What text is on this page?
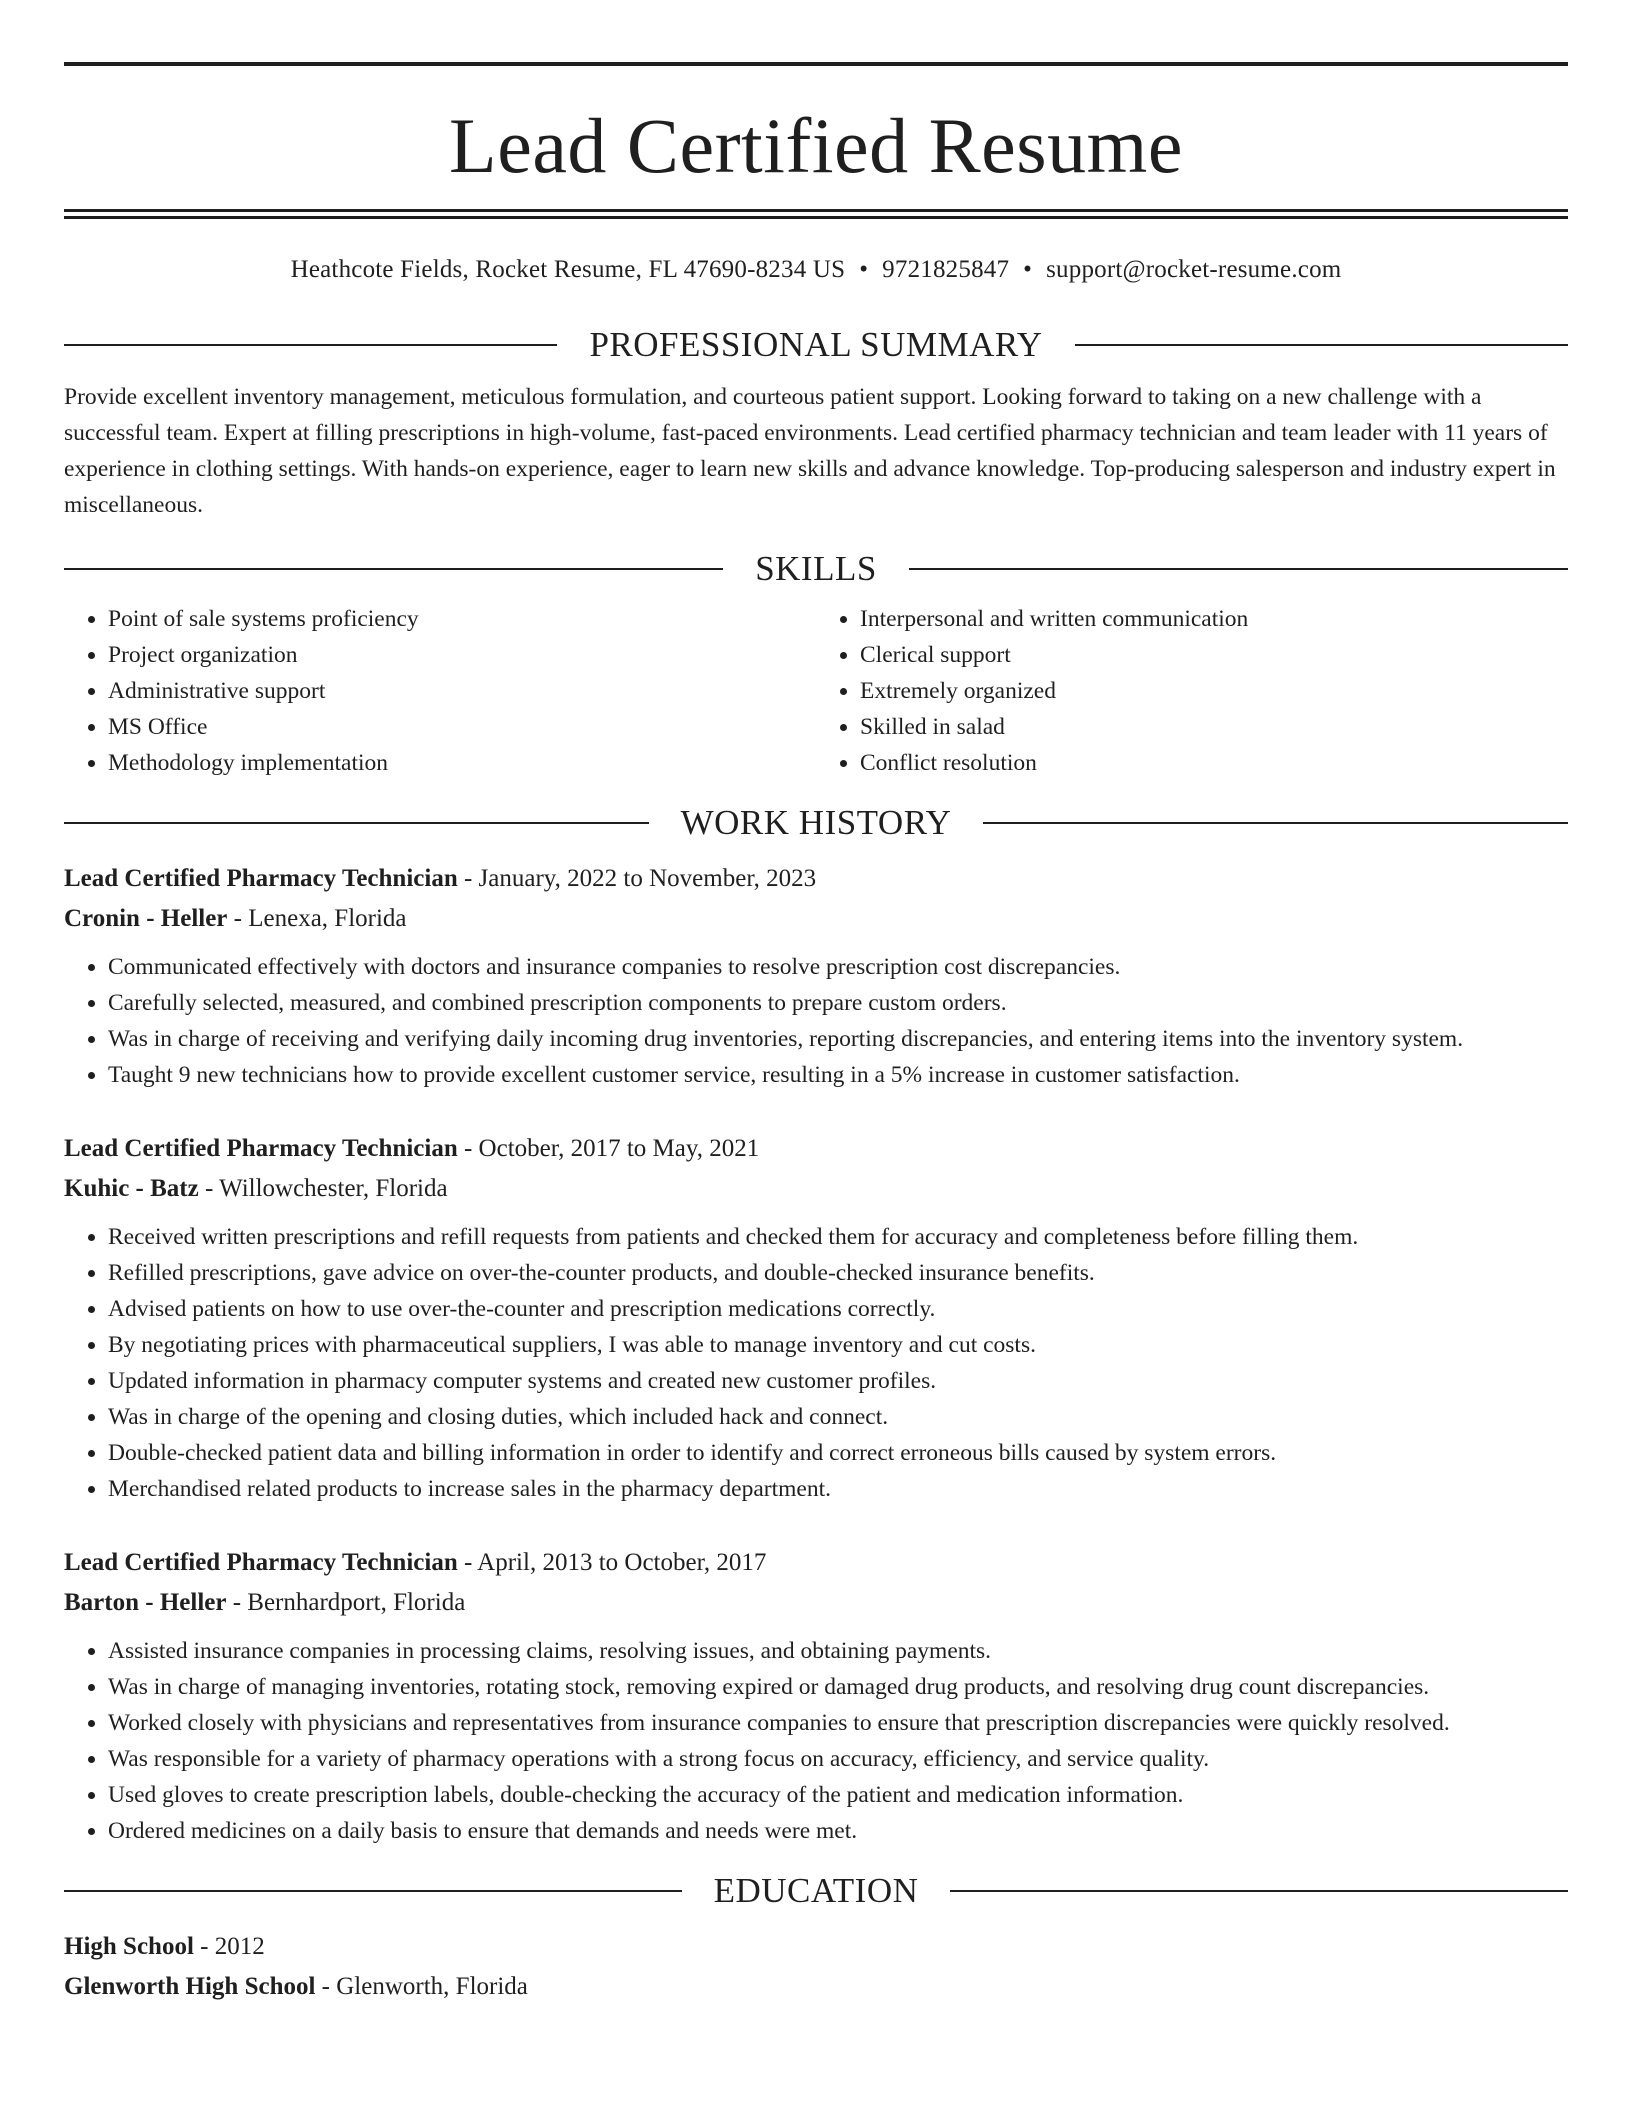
Lead Certified Resume
Heathcote Fields, Rocket Resume, FL 47690-8234 US • 9721825847 • support@rocket-resume.com
PROFESSIONAL SUMMARY
Provide excellent inventory management, meticulous formulation, and courteous patient support. Looking forward to taking on a new challenge with a successful team. Expert at filling prescriptions in high-volume, fast-paced environments. Lead certified pharmacy technician and team leader with 11 years of experience in clothing settings. With hands-on experience, eager to learn new skills and advance knowledge. Top-producing salesperson and industry expert in miscellaneous.
SKILLS
• Point of sale systems proficiency
• Project organization
• Administrative support
• MS Office
• Methodology implementation
• Interpersonal and written communication
• Clerical support
• Extremely organized
• Skilled in salad
• Conflict resolution
WORK HISTORY
Lead Certified Pharmacy Technician - January, 2022 to November, 2023
Cronin - Heller - Lenexa, Florida
• Communicated effectively with doctors and insurance companies to resolve prescription cost discrepancies.
• Carefully selected, measured, and combined prescription components to prepare custom orders.
• Was in charge of receiving and verifying daily incoming drug inventories, reporting discrepancies, and entering items into the inventory system.
• Taught 9 new technicians how to provide excellent customer service, resulting in a 5% increase in customer satisfaction.
Lead Certified Pharmacy Technician - October, 2017 to May, 2021
Kuhic - Batz - Willowchester, Florida
• Received written prescriptions and refill requests from patients and checked them for accuracy and completeness before filling them.
• Refilled prescriptions, gave advice on over-the-counter products, and double-checked insurance benefits.
• Advised patients on how to use over-the-counter and prescription medications correctly.
• By negotiating prices with pharmaceutical suppliers, I was able to manage inventory and cut costs.
• Updated information in pharmacy computer systems and created new customer profiles.
• Was in charge of the opening and closing duties, which included hack and connect.
• Double-checked patient data and billing information in order to identify and correct erroneous bills caused by system errors.
• Merchandised related products to increase sales in the pharmacy department.
Lead Certified Pharmacy Technician - April, 2013 to October, 2017
Barton - Heller - Bernhardport, Florida
• Assisted insurance companies in processing claims, resolving issues, and obtaining payments.
• Was in charge of managing inventories, rotating stock, removing expired or damaged drug products, and resolving drug count discrepancies.
• Worked closely with physicians and representatives from insurance companies to ensure that prescription discrepancies were quickly resolved.
• Was responsible for a variety of pharmacy operations with a strong focus on accuracy, efficiency, and service quality.
• Used gloves to create prescription labels, double-checking the accuracy of the patient and medication information.
• Ordered medicines on a daily basis to ensure that demands and needs were met.
EDUCATION
High School - 2012
Glenworth High School - Glenworth, Florida
